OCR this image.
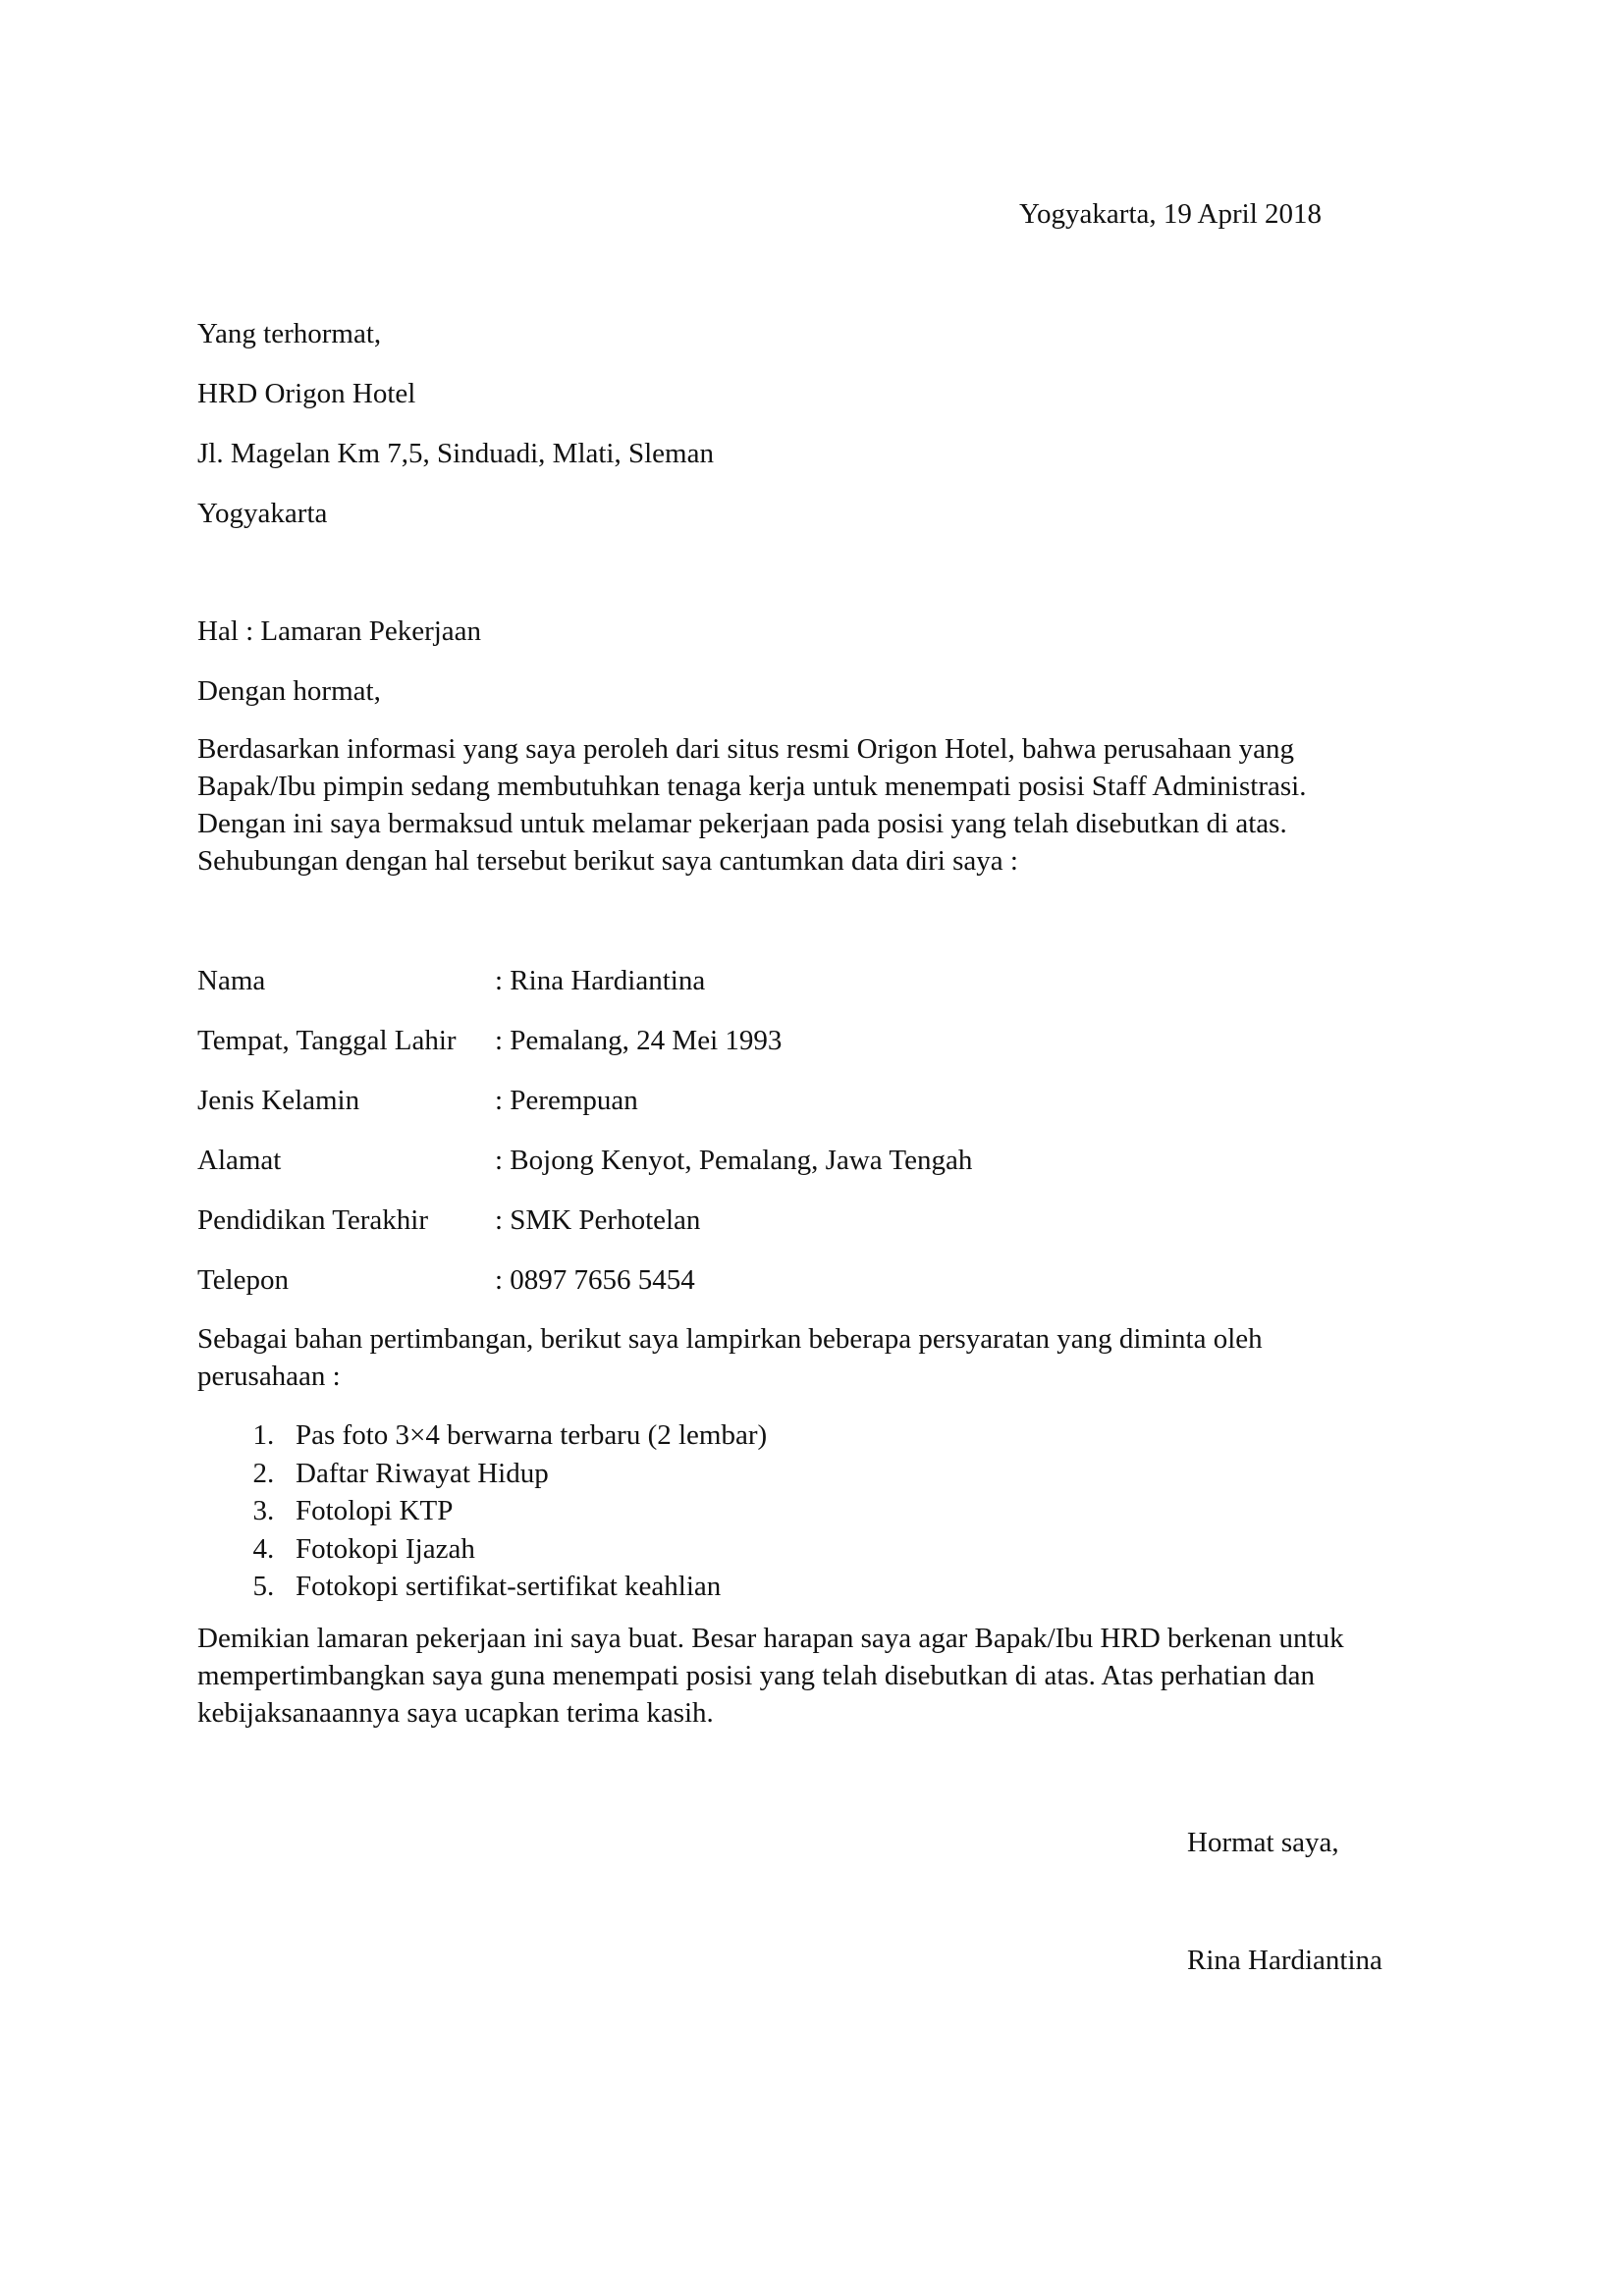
Yogyakarta, 19 April 2018
Yang terhormat,
HRD Origon Hotel
Jl. Magelan Km 7,5, Sinduadi, Mlati, Sleman
Yogyakarta
Hal : Lamaran Pekerjaan
Dengan hormat,
Berdasarkan informasi yang saya peroleh dari situs resmi Origon Hotel, bahwa perusahaan yang
Bapak/Ibu pimpin sedang membutuhkan tenaga kerja untuk menempati posisi Staff Administrasi.
Dengan ini saya bermaksud untuk melamar pekerjaan pada posisi yang telah disebutkan di atas.
Sehubungan dengan hal tersebut berikut saya cantumkan data diri saya :
Nama	: Rina Hardiantina
Tempat, Tanggal Lahir	: Pemalang, 24 Mei 1993
Jenis Kelamin	: Perempuan
Alamat	: Bojong Kenyot, Pemalang, Jawa Tengah
Pendidikan Terakhir	: SMK Perhotelan
Telepon	: 0897 7656 5454
Sebagai bahan pertimbangan, berikut saya lampirkan beberapa persyaratan yang diminta oleh
perusahaan :
1. Pas foto 3×4 berwarna terbaru (2 lembar)
2. Daftar Riwayat Hidup
3. Fotolopi KTP
4. Fotokopi Ijazah
5. Fotokopi sertifikat-sertifikat keahlian
Demikian lamaran pekerjaan ini saya buat. Besar harapan saya agar Bapak/Ibu HRD berkenan untuk
mempertimbangkan saya guna menempati posisi yang telah disebutkan di atas. Atas perhatian dan
kebijaksanaannya saya ucapkan terima kasih.
Hormat saya,
Rina Hardiantina
